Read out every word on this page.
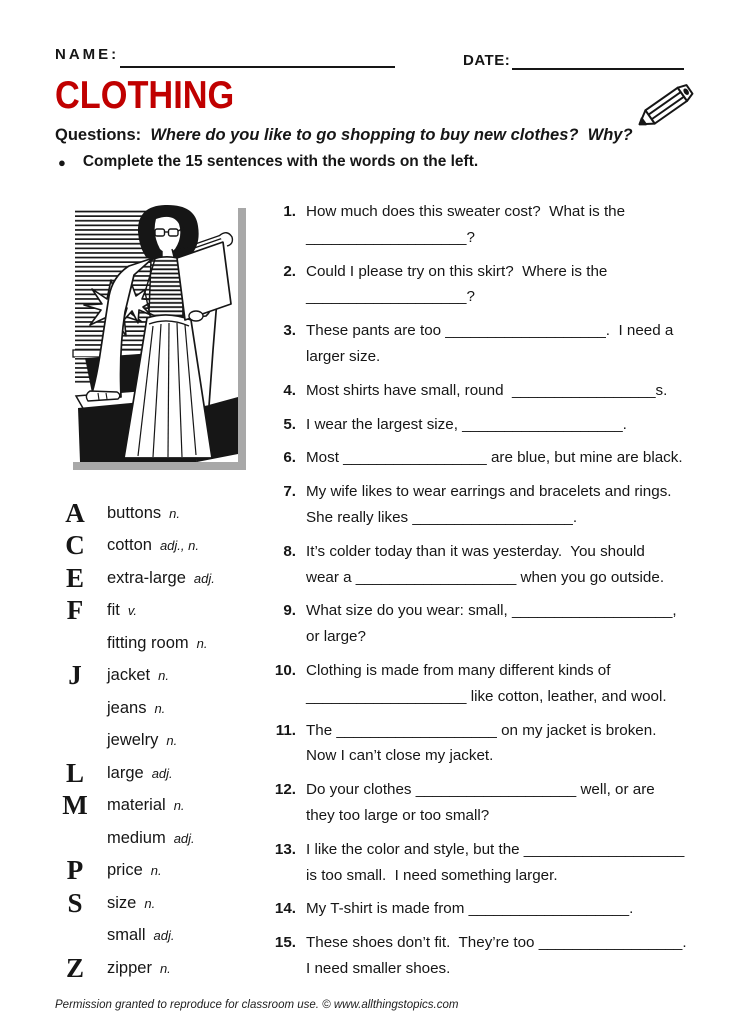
NAME:	DATE:
CLOTHING
Questions: Where do you like to go shopping to buy new clothes?  Why?
● Complete the 15 sentences with the words on the left.
A	buttons n.
C	cotton adj., n.
E	extra-large adj.
F	fit v.
fitting room n.
J	jacket n.
jeans n.
jewelry n.
L	large adj.
M	material n.
medium adj.
P	price n.
S	size n.
small adj.
Z	zipper n.
1. How much does this sweater cost?  What is the
___________________?
2. Could I please try on this skirt?  Where is the
___________________?
3. These pants are too ___________________.  I need a
larger size.
4. Most shirts have small, round  _________________s.
5. I wear the largest size, ___________________.
6. Most _________________ are blue, but mine are black.
7. My wife likes to wear earrings and bracelets and rings.
She really likes ___________________.
8. It’s colder today than it was yesterday.  You should
wear a ___________________ when you go outside.
9. What size do you wear: small, ___________________,
or large?
10. Clothing is made from many different kinds of
___________________ like cotton, leather, and wool.
11. The ___________________ on my jacket is broken.
Now I can’t close my jacket.
12. Do your clothes ___________________ well, or are
they too large or too small?
13. I like the color and style, but the ___________________
is too small.  I need something larger.
14. My T-shirt is made from ___________________.
15. These shoes don’t fit.  They’re too _________________.
I need smaller shoes.
Permission granted to reproduce for classroom use. © www.allthingstopics.com
